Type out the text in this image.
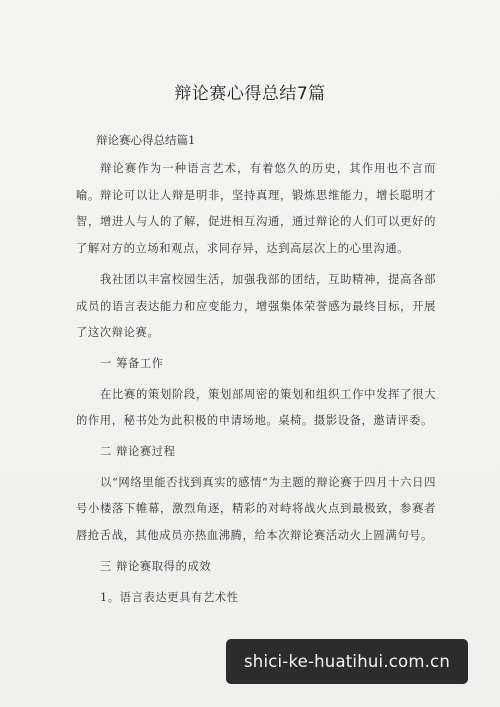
辩论赛心得总结7篇
辩论赛心得总结篇1

辩论赛作为一种语言艺术，有着悠久的历史，其作用也不言而喻。辩论可以让人辩是明非，坚持真理，锻炼思维能力，增长聪明才智，增进人与人的了解，促进相互沟通，通过辩论的人们可以更好的了解对方的立场和观点，求同存异，达到高层次上的心里沟通。

我社团以丰富校园生活，加强我部的团结，互助精神，提高各部成员的语言表达能力和应变能力，增强集体荣誉感为最终目标，开展了这次辩论赛。

一 筹备工作

在比赛的策划阶段，策划部周密的策划和组织工作中发挥了很大的作用，秘书处为此积极的申请场地。桌椅。摄影设备，邀请评委。

二 辩论赛过程

以“网络里能否找到真实的感情”为主题的辩论赛于四月十六日四号小楼落下帷幕，激烈角逐，精彩的对峙将战火点到最极致，参赛者唇抢舌战，其他成员亦热血沸腾，给本次辩论赛活动火上圆满句号。

三 辩论赛取得的成效
1。语言表达更具有艺术性
shici-ke-huatihui.com.cn
